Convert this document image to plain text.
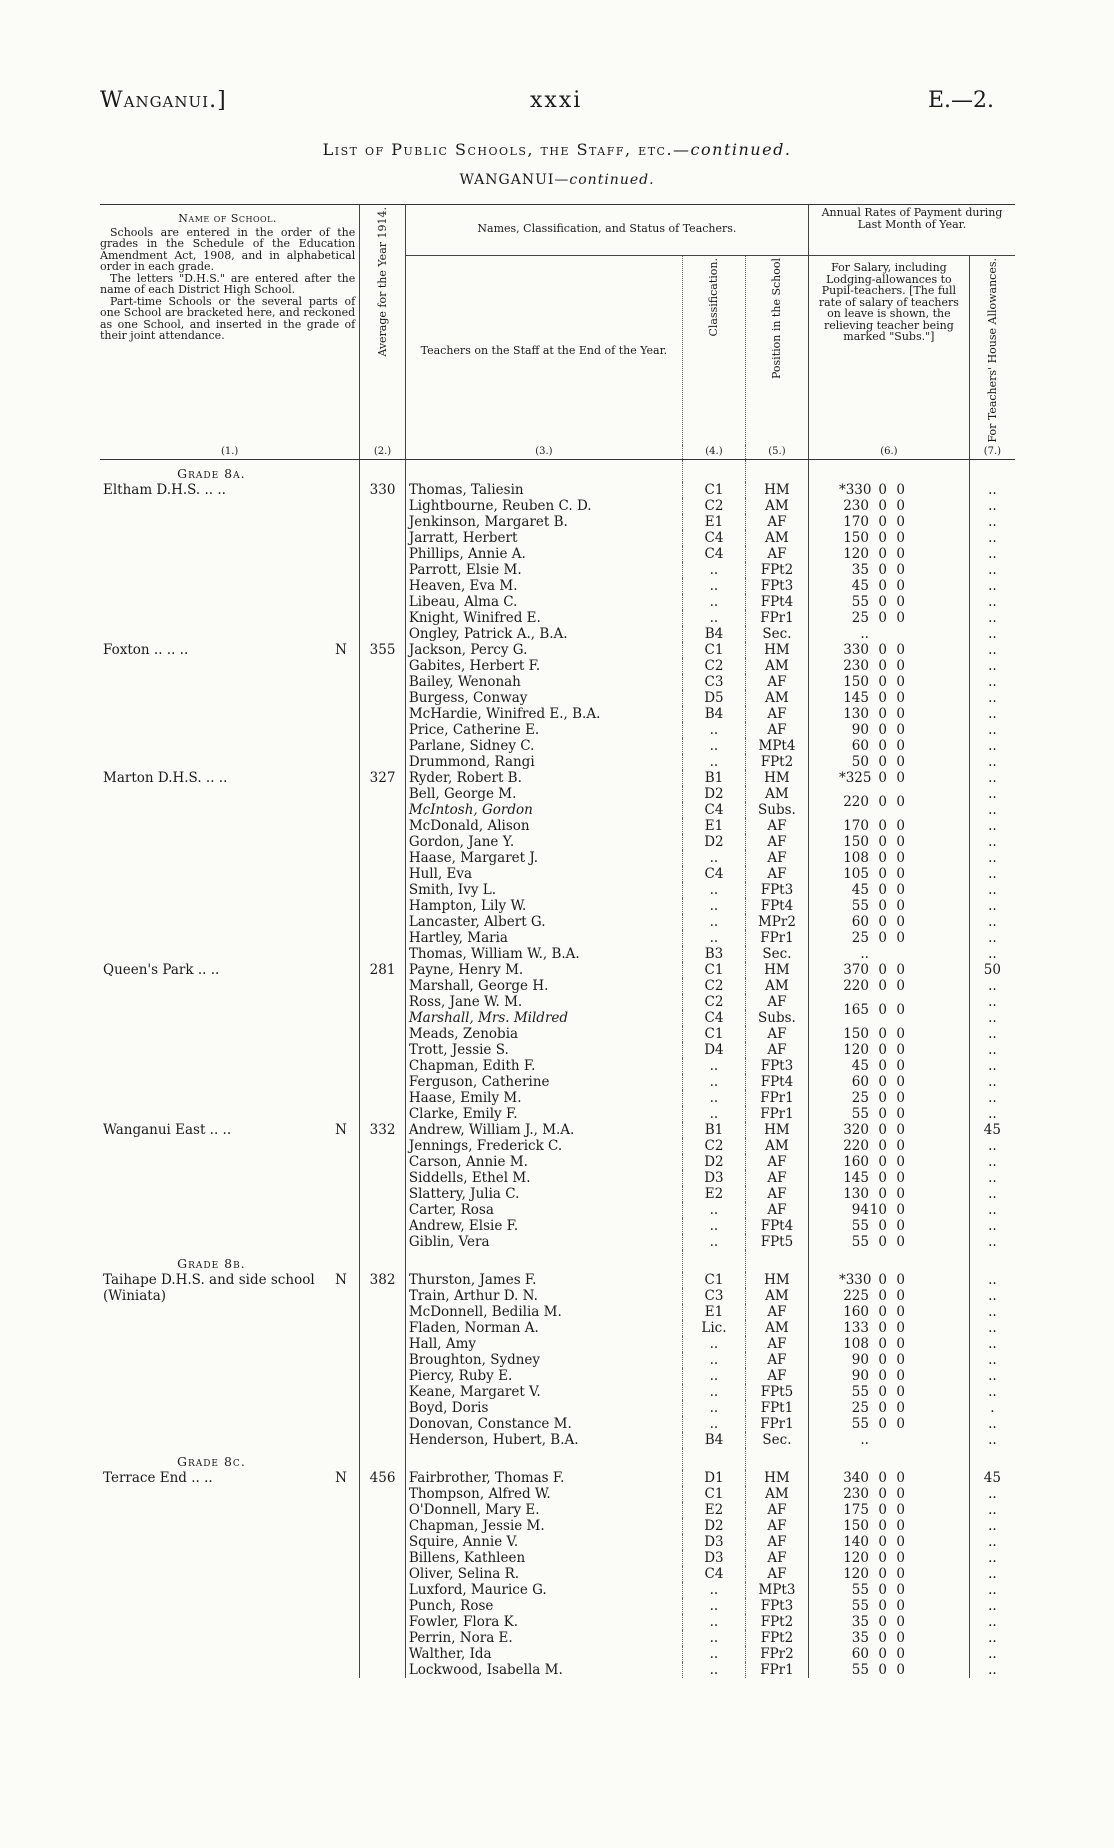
Wanganui.]	xxxi	E.—2.
List of Public Schools, the Staff, etc.—continued.
WANGANUI—continued.
Name of School.

Schools are entered in the order of the grades in the Schedule of the Education Amendment Act, 1908, and in alphabetical order in each grade.

The letters "D.H.S." are entered after the name of each District High School.

Part-time Schools or the several parts of one School are bracketed here, and reckoned as one School, and inserted in the grade of their joint attendance.		Average for the Year 1914.	Names, Classification, and Status of Teachers.			Annual Rates of Payment during Last Month of Year.	
			Teachers on the Staff at the End of the Year.	Classification.	Position in the School	For Salary, including Lodging-allowances to Pupil-teachers. [The full rate of salary of teachers on leave is shown, the relieving teacher being marked "Subs."]	For Teachers' House Allowances.

(1.)		(2.)	(3.)	(4.)	(5.)	(6.)	(7.)
Grade 8a.							
Eltham D.H.S. .. ..		330	Thomas, Taliesin	C1	HM	*330 0 0	..
			Lightbourne, Reuben C. D.	C2	AM	230 0 0	..
			Jenkinson, Margaret B.	E1	AF	170 0 0	..
			Jarratt, Herbert	C4	AM	150 0 0	..
			Phillips, Annie A.	C4	AF	120 0 0	..
			Parrott, Elsie M.	..	FPt2	35 0 0	..
			Heaven, Eva M.	..	FPt3	45 0 0	..
			Libeau, Alma C.	..	FPt4	55 0 0	..
			Knight, Winifred E.	..	FPr1	25 0 0	..
			Ongley, Patrick A., B.A.	B4	Sec.	..	..
Foxton .. .. ..	N	355	Jackson, Percy G.	C1	HM	330 0 0	..
			Gabites, Herbert F.	C2	AM	230 0 0	..
			Bailey, Wenonah	C3	AF	150 0 0	..
			Burgess, Conway	D5	AM	145 0 0	..
			McHardie, Winifred E., B.A.	B4	AF	130 0 0	..
			Price, Catherine E.	..	AF	90 0 0	..
			Parlane, Sidney C.	..	MPt4	60 0 0	..
			Drummond, Rangi	..	FPt2	50 0 0	..
Marton D.H.S. .. ..		327	Ryder, Robert B.	B1	HM	*325 0 0	..
			Bell, George M.	D2	AM	220 0 0	..
			McIntosh, Gordon	C4	Subs.		..
			McDonald, Alison	E1	AF	170 0 0	..
			Gordon, Jane Y.	D2	AF	150 0 0	..
			Haase, Margaret J.	..	AF	108 0 0	..
			Hull, Eva	C4	AF	105 0 0	..
			Smith, Ivy L.	..	FPt3	45 0 0	..
			Hampton, Lily W.	..	FPt4	55 0 0	..
			Lancaster, Albert G.	..	MPr2	60 0 0	..
			Hartley, Maria	..	FPr1	25 0 0	..
			Thomas, William W., B.A.	B3	Sec.	..	..
Queen's Park .. ..		281	Payne, Henry M.	C1	HM	370 0 0	50
			Marshall, George H.	C2	AM	220 0 0	..
			Ross, Jane W. M.	C2	AF	165 0 0	..
			Marshall, Mrs. Mildred	C4	Subs.		..
			Meads, Zenobia	C1	AF	150 0 0	..
			Trott, Jessie S.	D4	AF	120 0 0	..
			Chapman, Edith F.	..	FPt3	45 0 0	..
			Ferguson, Catherine	..	FPt4	60 0 0	..
			Haase, Emily M.	..	FPr1	25 0 0	..
			Clarke, Emily F.	..	FPr1	55 0 0	..
Wanganui East .. ..	N	332	Andrew, William J., M.A.	B1	HM	320 0 0	45
			Jennings, Frederick C.	C2	AM	220 0 0	..
			Carson, Annie M.	D2	AF	160 0 0	..
			Siddells, Ethel M.	D3	AF	145 0 0	..
			Slattery, Julia C.	E2	AF	130 0 0	..
			Carter, Rosa	..	AF	9410 0	..
			Andrew, Elsie F.	..	FPt4	55 0 0	..
			Giblin, Vera	..	FPt5	55 0 0	..
Grade 8b.							
Taihape D.H.S. and side school	N	382	Thurston, James F.	C1	HM	*330 0 0	..
(Winiata)			Train, Arthur D. N.	C3	AM	225 0 0	..
			McDonnell, Bedilia M.	E1	AF	160 0 0	..
			Fladen, Norman A.	Lic.	AM	133 0 0	..
			Hall, Amy	..	AF	108 0 0	..
			Broughton, Sydney	..	AF	90 0 0	..
			Piercy, Ruby E.	..	AF	90 0 0	..
			Keane, Margaret V.	..	FPt5	55 0 0	..
			Boyd, Doris	..	FPt1	25 0 0	.
			Donovan, Constance M.	..	FPr1	55 0 0	..
			Henderson, Hubert, B.A.	B4	Sec.	..	..
Grade 8c.							
Terrace End .. ..	N	456	Fairbrother, Thomas F.	D1	HM	340 0 0	45
			Thompson, Alfred W.	C1	AM	230 0 0	..
			O'Donnell, Mary E.	E2	AF	175 0 0	..
			Chapman, Jessie M.	D2	AF	150 0 0	..
			Squire, Annie V.	D3	AF	140 0 0	..
			Billens, Kathleen	D3	AF	120 0 0	..
			Oliver, Selina R.	C4	AF	120 0 0	..
			Luxford, Maurice G.	..	MPt3	55 0 0	..
			Punch, Rose	..	FPt3	55 0 0	..
			Fowler, Flora K.	..	FPt2	35 0 0	..
			Perrin, Nora E.	..	FPt2	35 0 0	..
			Walther, Ida	..	FPr2	60 0 0	..
			Lockwood, Isabella M.	..	FPr1	55 0 0	..
